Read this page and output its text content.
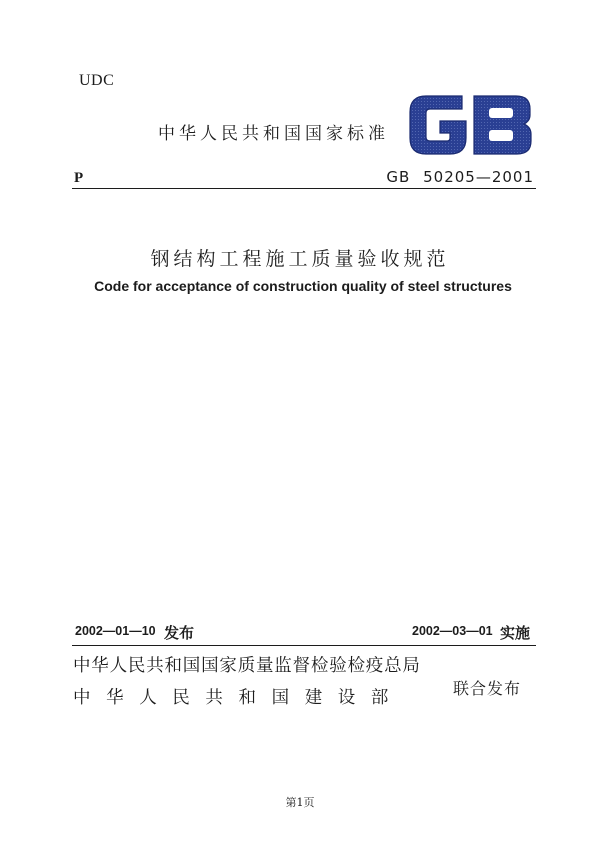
UDC
中华人民共和国国家标准
P	GB 50205—2001
钢结构工程施工质量验收规范
Code for acceptance of construction quality of steel structures
2002—01—10 发布	2002—03—01 实施
中华人民共和国国家质量监督检验检疫总局
中华人民共和国建设部	联合发布
第1页
